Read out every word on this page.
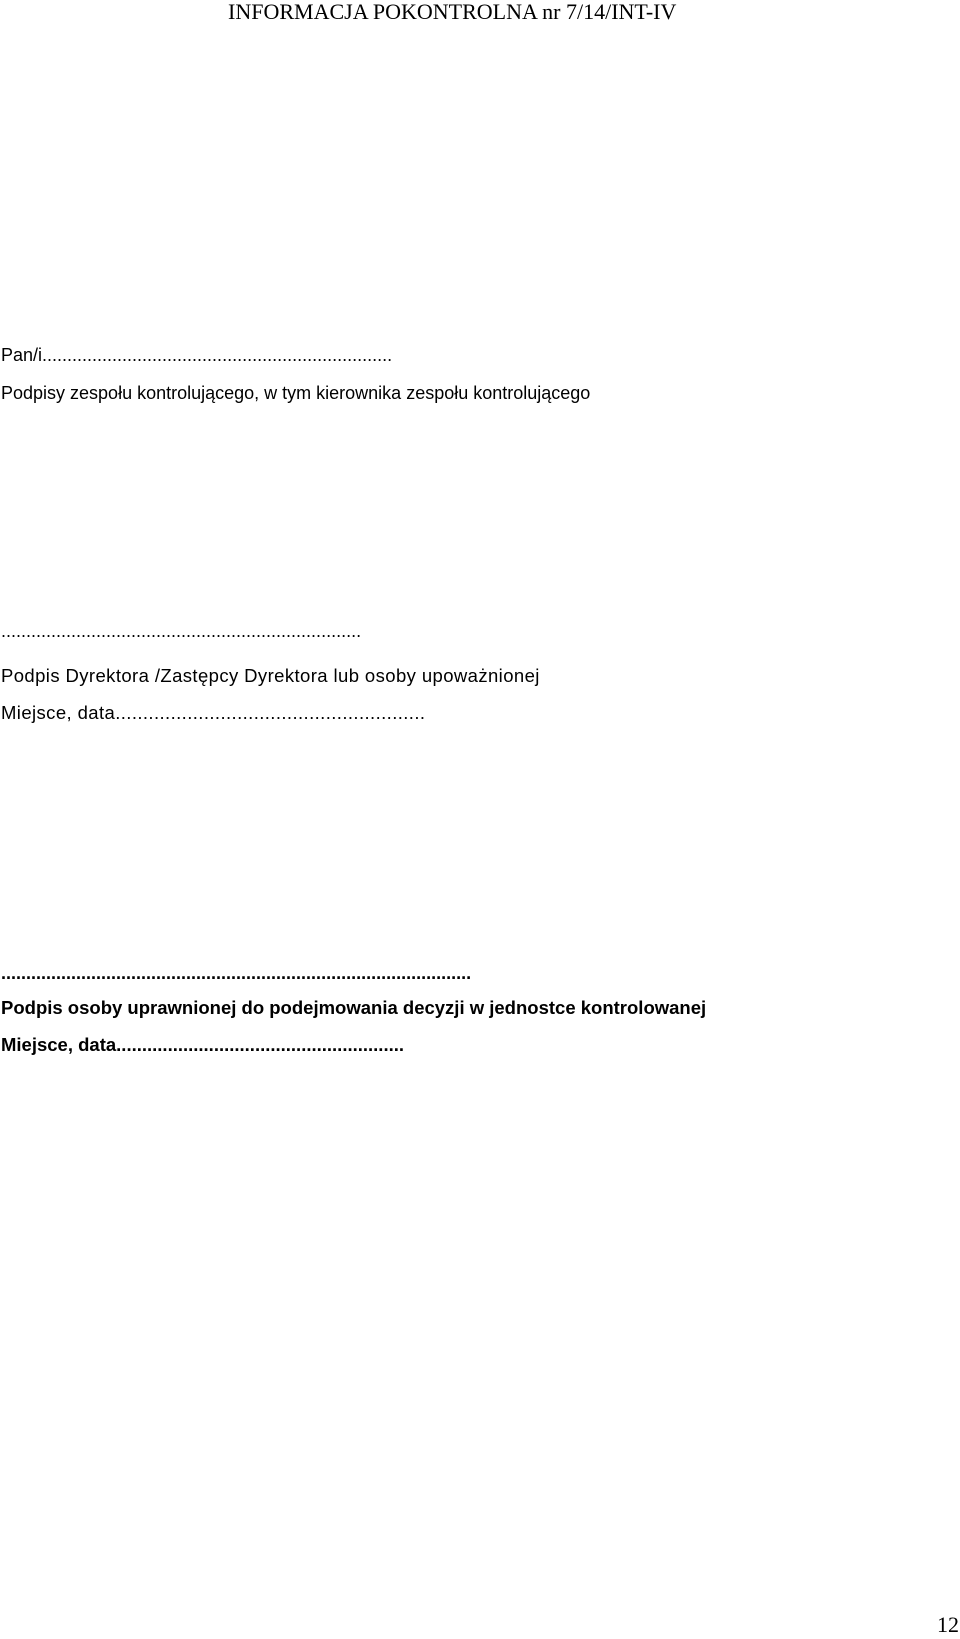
INFORMACJA POKONTROLNA nr 7/14/INT-IV
Pan/i......................................................................
Podpisy zespołu kontrolującego, w tym kierownika zespołu kontrolującego
........................................................................
Podpis Dyrektora /Zastępcy Dyrektora lub osoby upoważnionej
Miejsce, data........................................................
..............................................................................................
Podpis osoby uprawnionej do podejmowania decyzji w jednostce kontrolowanej
Miejsce, data........................................................
12
